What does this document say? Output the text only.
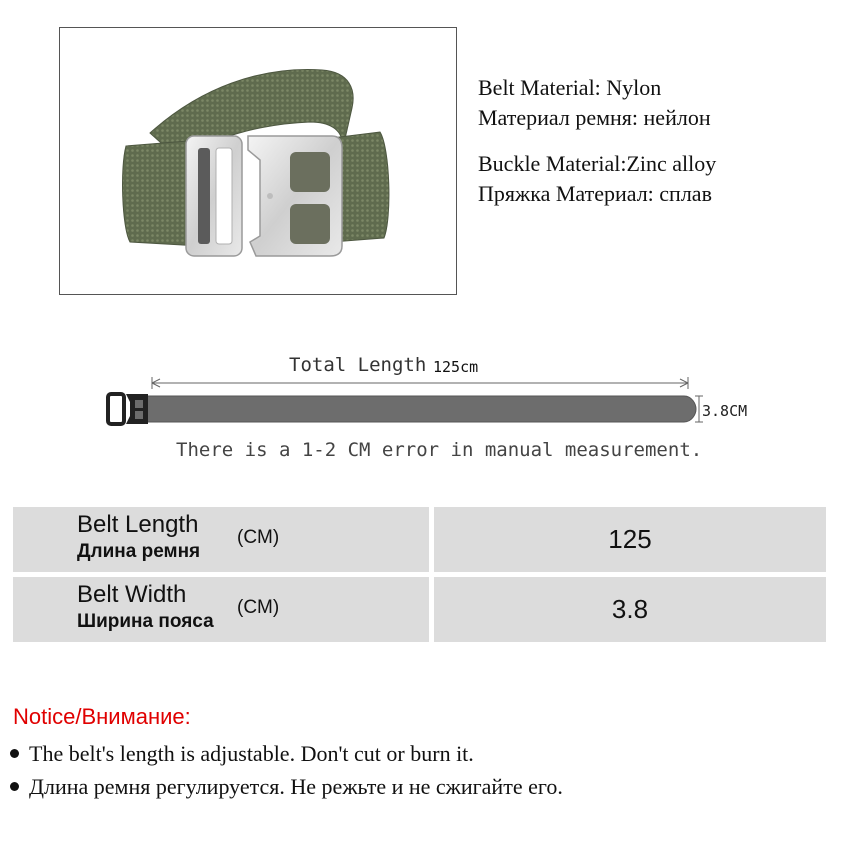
Belt Material: Nylon
Материал ремня: нейлон
Buckle Material:Zinc alloy
Пряжка Материал: сплав
Total Length 125cm
3.8CM
There is a 1-2 CM error in manual measurement.
Belt Length
Длина ремня
(CM)	125
Belt Width
Ширина пояса
(CM)	3.8
Notice/Внимание:
The belt's length is adjustable. Don't cut or burn it.
Длина ремня регулируется. Не режьте и не сжигайте его.
